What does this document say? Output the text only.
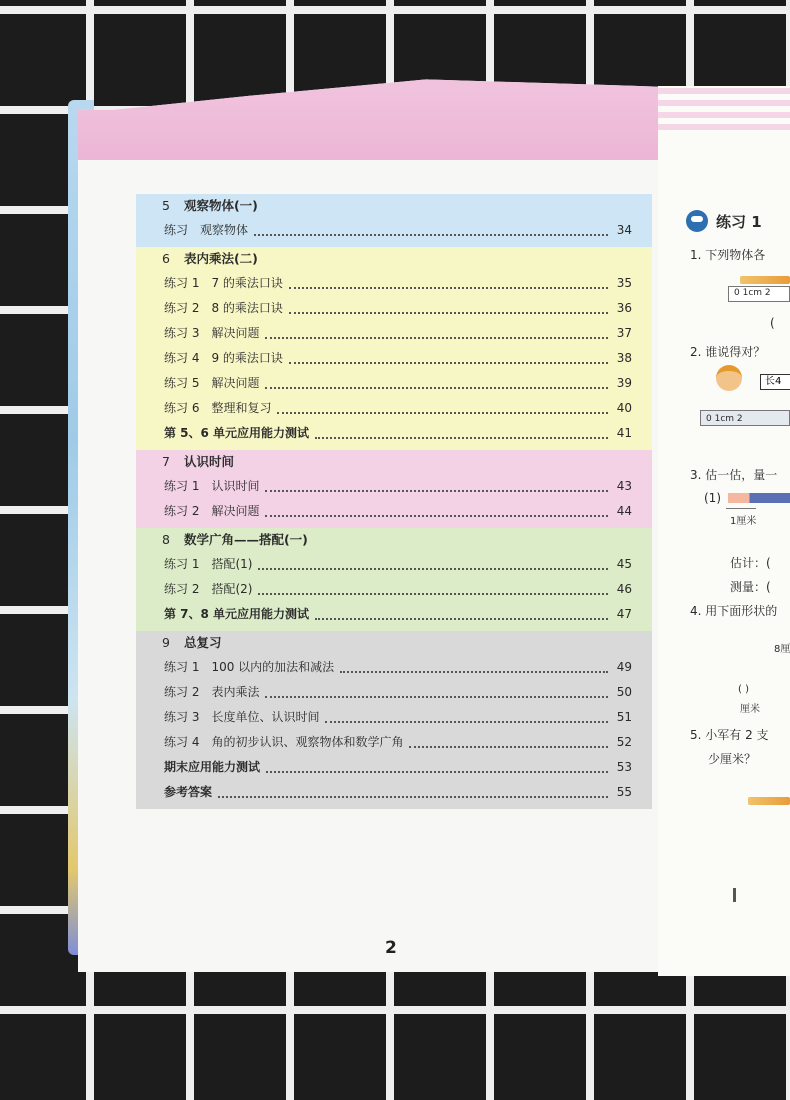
5 观察物体(一)
练习 观察物体	34
6 表内乘法(二)
练习 1 7 的乘法口诀	35
练习 2 8 的乘法口诀	36
练习 3 解决问题	37
练习 4 9 的乘法口诀	38
练习 5 解决问题	39
练习 6 整理和复习	40
第 5、6 单元应用能力测试	41
7 认识时间
练习 1 认识时间	43
练习 2 解决问题	44
8 数学广角——搭配(一)
练习 1 搭配(1)	45
练习 2 搭配(2)	46
第 7、8 单元应用能力测试	47
9 总复习
练习 1 100 以内的加法和减法	49
练习 2 表内乘法	50
练习 3 长度单位、认识时间	51
练习 4 角的初步认识、观察物体和数学广角	52
期末应用能力测试	53
参考答案	55
2
练习 1
1. 下列物体各
0 1cm 2
(
2. 谁说得对？
长4
0 1cm 2
3. 估一估，量一
(1)
1厘米
估计：(
测量：(
4. 用下面形状的
8厘
( )
厘米
5. 小军有 2 支
少厘米？
